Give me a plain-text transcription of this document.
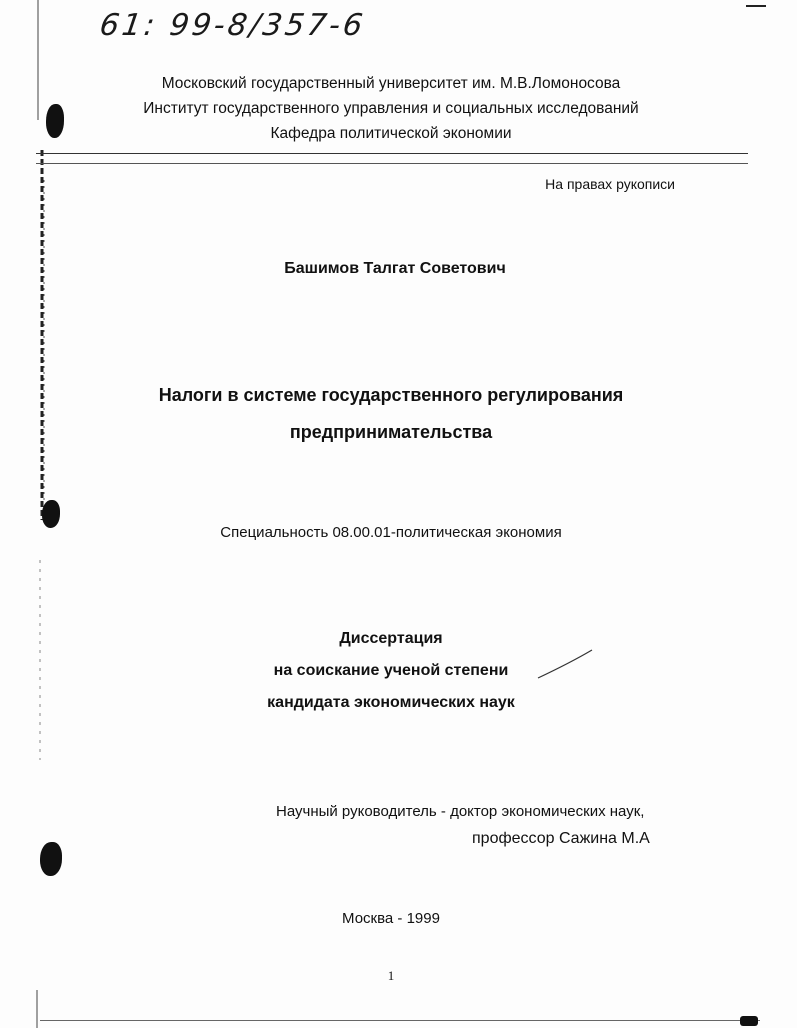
61: 99-8/357-6
Московский государственный университет им. М.В.Ломоносова
Институт государственного управления и социальных исследований
Кафедра политической экономии
На правах рукописи
Башимов Талгат Советович
Налоги в системе государственного регулирования
предпринимательства
Специальность 08.00.01-политическая экономия
Диссертация
на соискание ученой степени
кандидата экономических наук
Научный руководитель - доктор экономических наук,
профессор Сажина М.А
Москва - 1999
1
